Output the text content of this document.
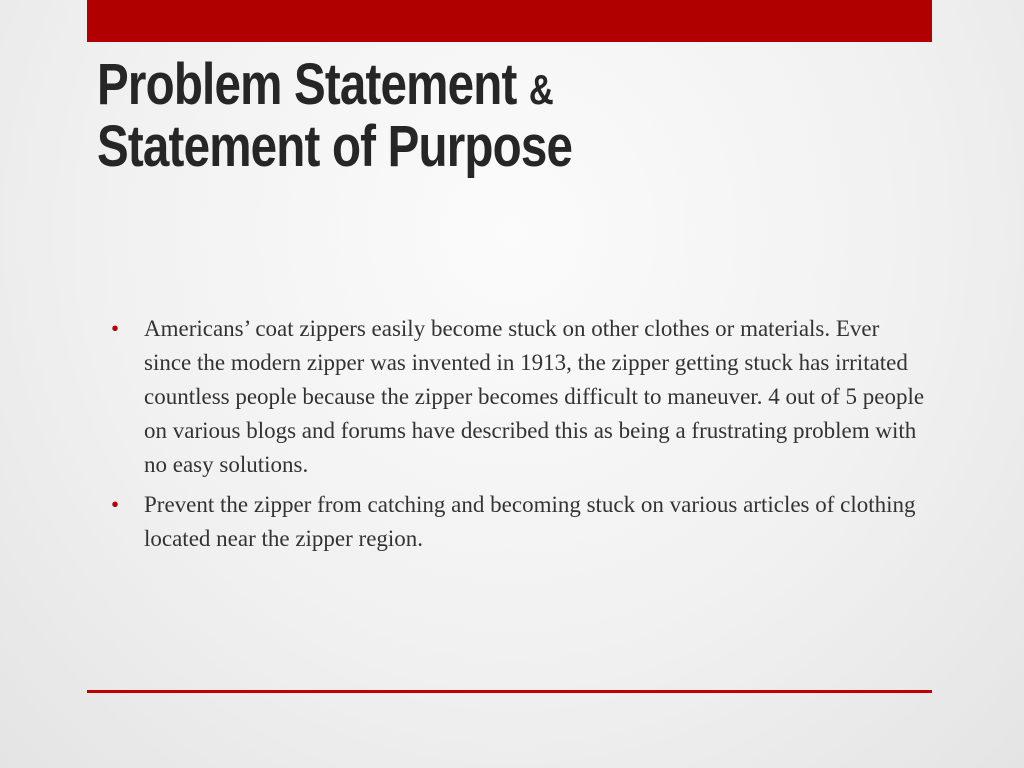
Problem Statement &
Statement of Purpose
• Americans’ coat zippers easily become stuck on other clothes or materials. Ever since the modern zipper was invented in 1913, the zipper getting stuck has irritated countless people because the zipper becomes difficult to maneuver. 4 out of 5 people on various blogs and forums have described this as being a frustrating problem with no easy solutions.
• Prevent the zipper from catching and becoming stuck on various articles of clothing located near the zipper region.
